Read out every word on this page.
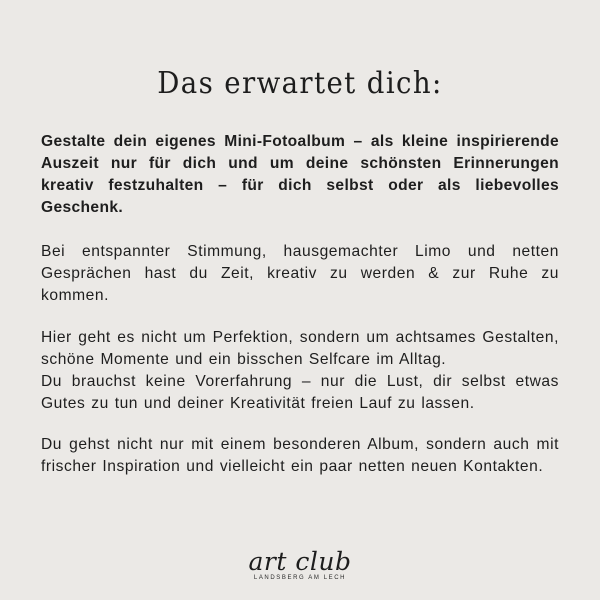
Das erwartet dich:

Gestalte dein eigenes Mini-Fotoalbum – als kleine inspirierende Auszeit nur für dich und um deine schönsten Erinnerungen kreativ festzuhalten – für dich selbst oder als liebevolles Geschenk.

Bei entspannter Stimmung, hausgemachter Limo und netten Gesprächen hast du Zeit, kreativ zu werden & zur Ruhe zu kommen.

Hier geht es nicht um Perfektion, sondern um achtsames Gestalten, schöne Momente und ein bisschen Selfcare im Alltag.

Du brauchst keine Vorerfahrung – nur die Lust, dir selbst etwas Gutes zu tun und deiner Kreativität freien Lauf zu lassen.

Du gehst nicht nur mit einem besonderen Album, sondern auch mit frischer Inspiration und vielleicht ein paar netten neuen Kontakten.

art club
LANDSBERG AM LECH
